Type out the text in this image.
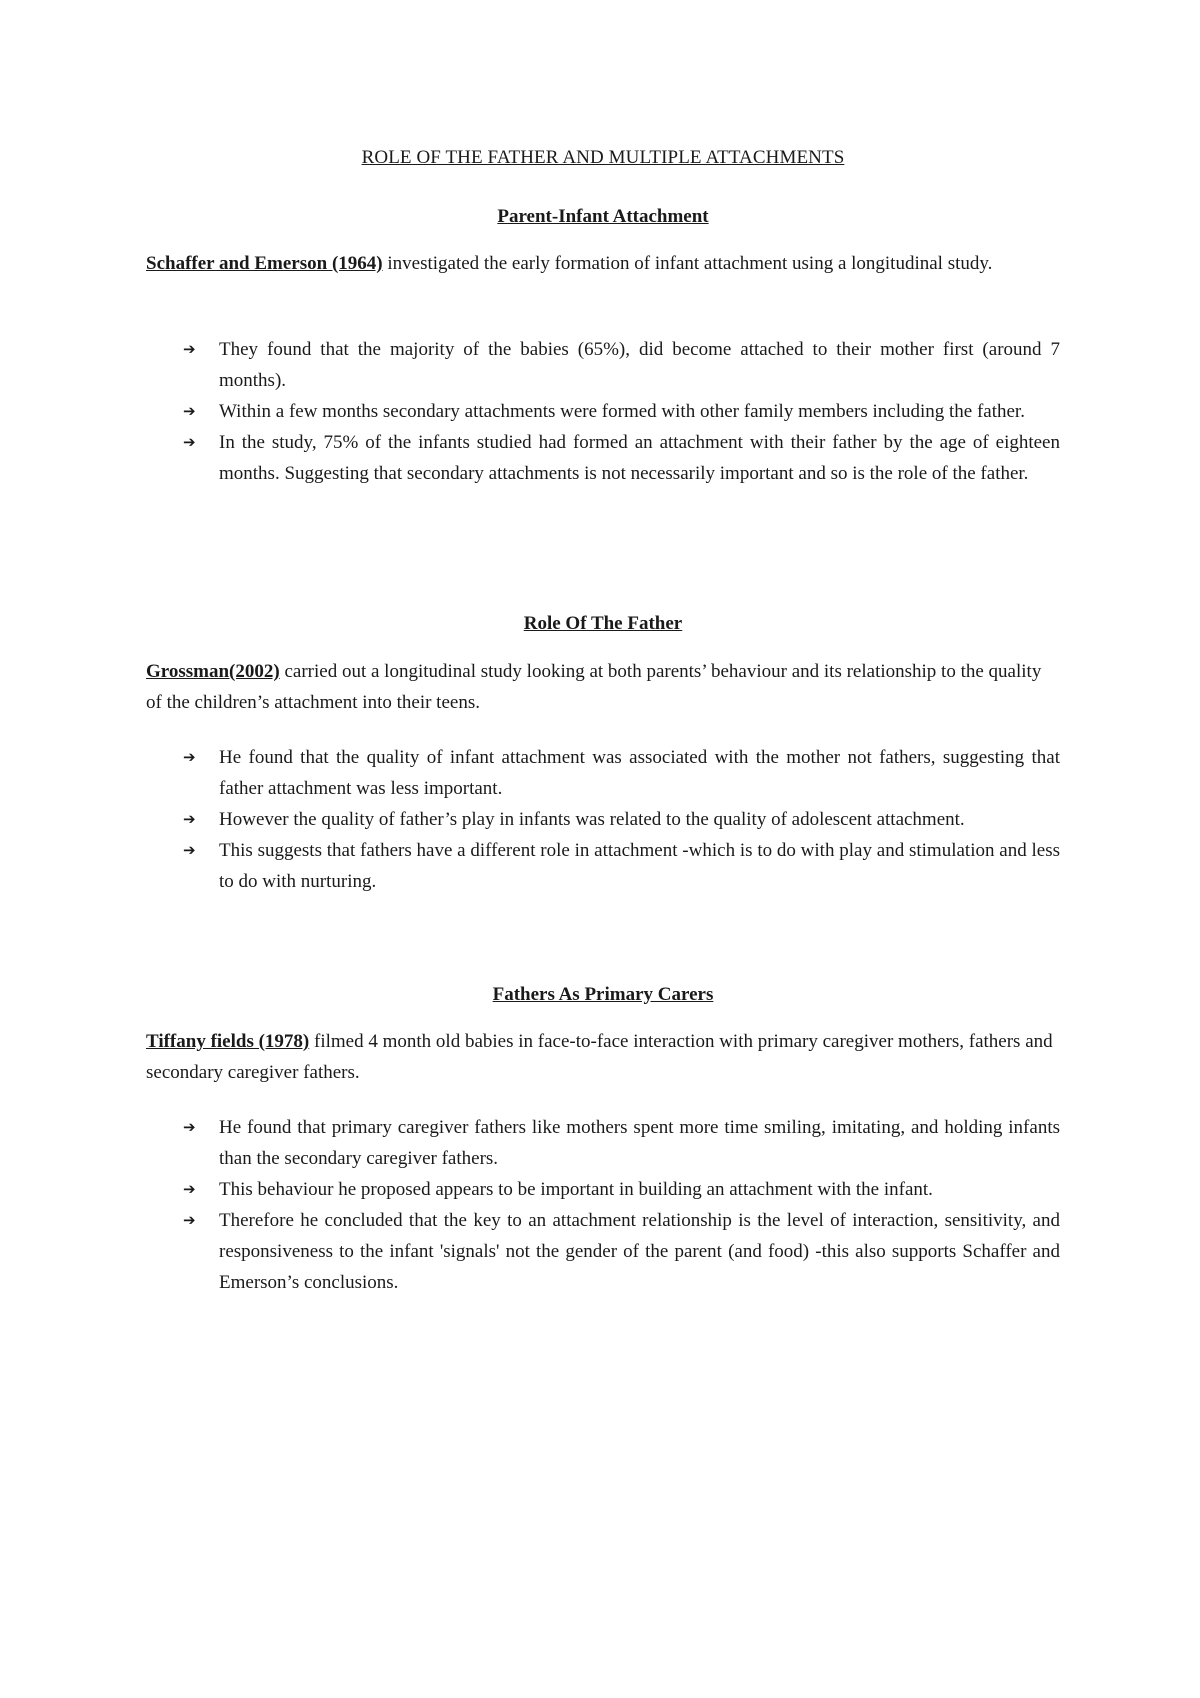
ROLE OF THE FATHER AND MULTIPLE ATTACHMENTS
Parent-Infant Attachment

Schaffer and Emerson (1964) investigated the early formation of infant attachment using a longitudinal study.

➔ They found that the majority of the babies (65%), did become attached to their mother first (around 7 months).
➔ Within a few months secondary attachments were formed with other family members including the father.
➔ In the study, 75% of the infants studied had formed an attachment with their father by the age of eighteen months. Suggesting that secondary attachments is not necessarily important and so is the role of the father.
Role Of The Father

Grossman(2002) carried out a longitudinal study looking at both parents’ behaviour and its relationship to the quality of the children’s attachment into their teens.

➔ He found that the quality of infant attachment was associated with the mother not fathers, suggesting that father attachment was less important.
➔ However the quality of father’s play in infants was related to the quality of adolescent attachment.
➔ This suggests that fathers have a different role in attachment -which is to do with play and stimulation and less to do with nurturing.
Fathers As Primary Carers

Tiffany fields (1978) filmed 4 month old babies in face-to-face interaction with primary caregiver mothers, fathers and secondary caregiver fathers.

➔ He found that primary caregiver fathers like mothers spent more time smiling, imitating, and holding infants than the secondary caregiver fathers.
➔ This behaviour he proposed appears to be important in building an attachment with the infant.
➔ Therefore he concluded that the key to an attachment relationship is the level of interaction, sensitivity, and responsiveness to the infant 'signals' not the gender of the parent (and food) -this also supports Schaffer and Emerson’s conclusions.
